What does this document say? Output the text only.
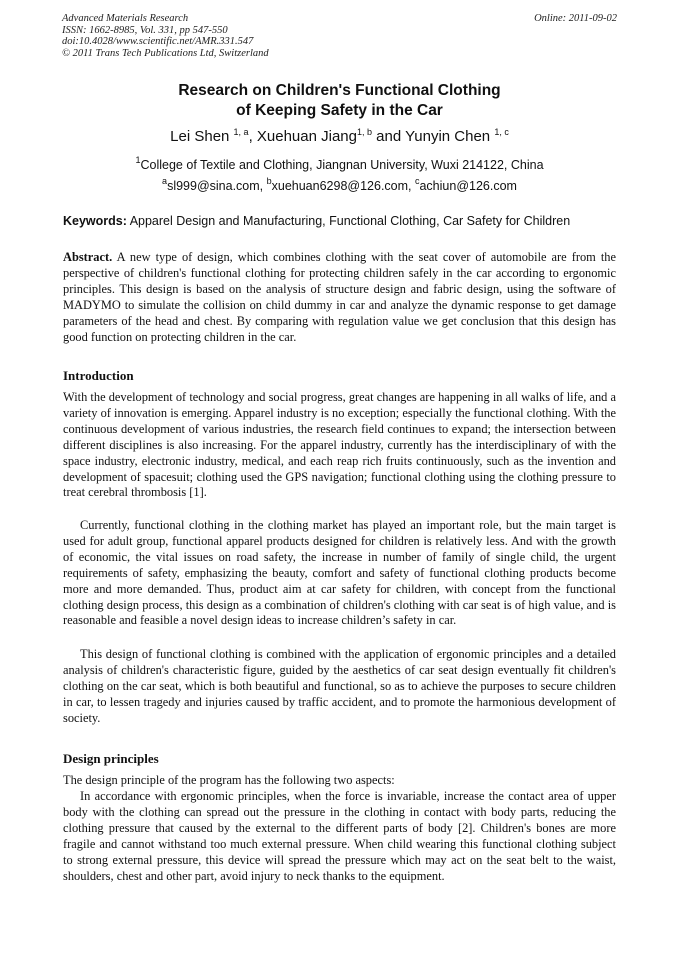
Advanced Materials Research
ISSN: 1662-8985, Vol. 331, pp 547-550
doi:10.4028/www.scientific.net/AMR.331.547
© 2011 Trans Tech Publications Ltd, Switzerland
Online: 2011-09-02
Research on Children's Functional Clothing
of Keeping Safety in the Car
Lei Shen $^{1, a}$, Xuehuan Jiang$^{1, b}$ and Yunyin Chen $^{1, c}$
$^1$College of Textile and Clothing, Jiangnan University, Wuxi 214122, China
$^a$sl999@sina.com, $^b$xuehuan6298@126.com, $^c$achiun@126.com
Keywords: Apparel Design and Manufacturing, Functional Clothing, Car Safety for Children
Abstract. A new type of design, which combines clothing with the seat cover of automobile are from the perspective of children's functional clothing for protecting children safely in the car according to ergonomic principles. This design is based on the analysis of structure design and fabric design, using the software of MADYMO to simulate the collision on child dummy in car and analyze the dynamic response to get damage parameters of the head and chest. By comparing with regulation value we get conclusion that this design has good function on protecting children in the car.
Introduction
With the development of technology and social progress, great changes are happening in all walks of life, and a variety of innovation is emerging. Apparel industry is no exception; especially the functional clothing. With the continuous development of various industries, the research field continues to expand; the intersection between different disciplines is also increasing. For the apparel industry, currently has the interdisciplinary of with the space industry, electronic industry, medical, and each reap rich fruits continuously, such as the invention and development of spacesuit; clothing used the GPS navigation; functional clothing using the clothing pressure to treat cerebral thrombosis [1].
Currently, functional clothing in the clothing market has played an important role, but the main target is used for adult group, functional apparel products designed for children is relatively less. And with the growth of economic, the vital issues on road safety, the increase in number of family of single child, the urgent requirements of safety, emphasizing the beauty, comfort and safety of functional clothing products become more and more demanded. Thus, product aim at car safety for children, with concept from the functional clothing design process, this design as a combination of children's clothing with car seat is of high value, and is reasonable and feasible a novel design ideas to increase children’s safety in car.
This design of functional clothing is combined with the application of ergonomic principles and a detailed analysis of children's characteristic figure, guided by the aesthetics of car seat design eventually fit children's clothing on the car seat, which is both beautiful and functional, so as to achieve the purposes to secure children in car, to lessen tragedy and injuries caused by traffic accident, and to promote the harmonious development of society.
Design principles
The design principle of the program has the following two aspects:
In accordance with ergonomic principles, when the force is invariable, increase the contact area of upper body with the clothing can spread out the pressure in the clothing in contact with body parts, reducing the clothing pressure that caused by the external to the different parts of body [2]. Children's bones are more fragile and cannot withstand too much external pressure. When child wearing this functional clothing subject to strong external pressure, this device will spread the pressure which may act on the seat belt to the waist, shoulders, chest and other part, avoid injury to neck thanks to the equipment.
